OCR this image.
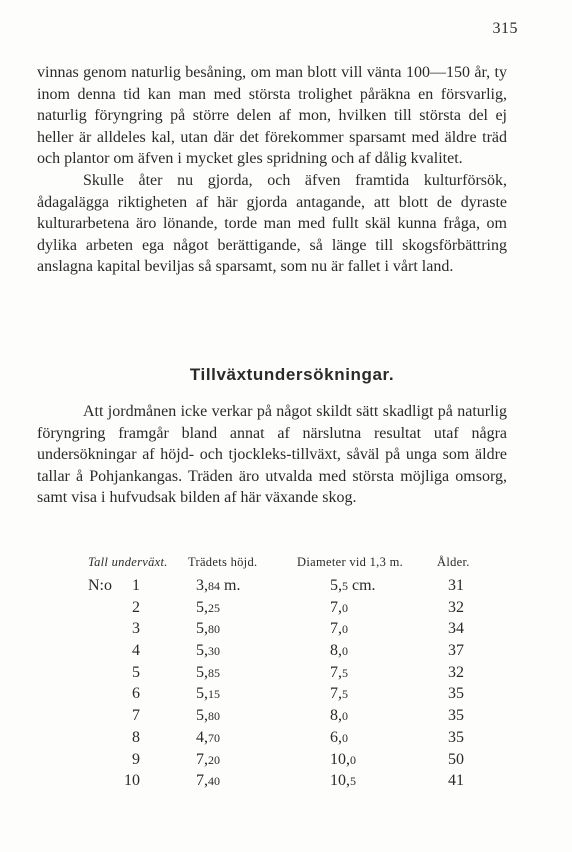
315

vinnas genom naturlig besåning, om man blott vill vänta 100—150 år, ty inom denna tid kan man med största trolighet påräkna en försvarlig, naturlig föryngring på större delen af mon, hvilken till största del ej heller är alldeles kal, utan där det förekommer sparsamt med äldre träd och plantor om äfven i mycket gles spridning och af dålig kvalitet.

Skulle åter nu gjorda, och äfven framtida kulturförsök, ådagalägga riktigheten af här gjorda antagande, att blott de dyraste kulturarbetena äro lönande, torde man med fullt skäl kunna fråga, om dylika arbeten ega något berättigande, så länge till skogsförbättring anslagna kapital beviljas så sparsamt, som nu är fallet i vårt land.

Tillväxtundersökningar.

Att jordmånen icke verkar på något skildt sätt skadligt på naturlig föryngring framgår bland annat af närslutna resultat utaf några undersökningar af höjd- och tjockleks-tillväxt, såväl på unga som äldre tallar å Pohjankangas. Träden äro utvalda med största möjliga omsorg, samt visa i hufvudsak bilden af här växande skog.

Tall underväxt. Trädets höjd.	Diameter vid 1,3 m.	Ålder.
N:o	1	3,84 m.	5,5 cm.	31
2	5,25	7,0	32
3	5,80	7,0	34
4	5,30	8,0	37
5	5,85	7,5	32
6	5,15	7,5	35
7	5,80	8,0	35
8	4,70	6,0	35
9	7,20	10,0	50
10	7,40	10,5	41
